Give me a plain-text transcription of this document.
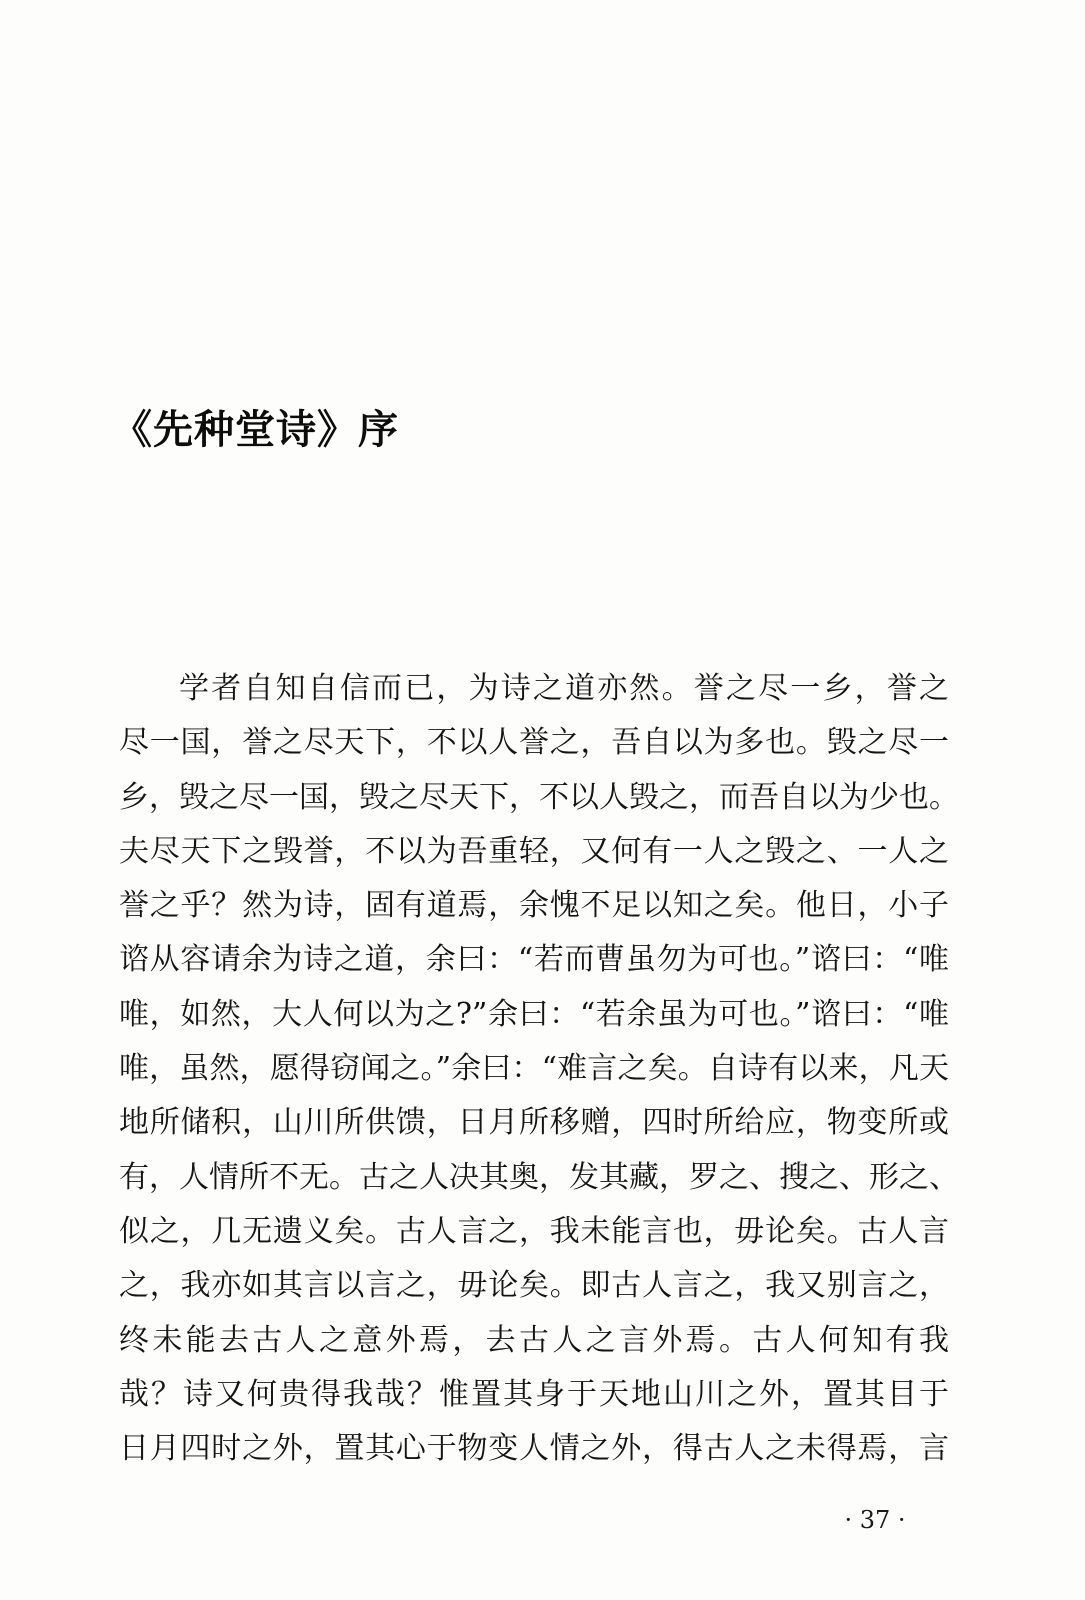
《先种堂诗》序
学者自知自信而已，为诗之道亦然。誉之尽一乡，誉之
尽一国，誉之尽天下，不以人誉之，吾自以为多也。毁之尽一
乡，毁之尽一国，毁之尽天下，不以人毁之，而吾自以为少也。
夫尽天下之毁誉，不以为吾重轻，又何有一人之毁之、一人之
誉之乎？然为诗，固有道焉，余愧不足以知之矣。他日，小子
谘从容请余为诗之道，余曰：“若而曹虽勿为可也。”谘曰：“唯
唯，如然，大人何以为之?”余曰：“若余虽为可也。”谘曰：“唯
唯，虽然，愿得窃闻之。”余曰：“难言之矣。自诗有以来，凡天
地所储积，山川所供馈，日月所移赠，四时所给应，物变所或
有，人情所不无。古之人决其奥，发其藏，罗之、搜之、形之、
似之，几无遗义矣。古人言之，我未能言也，毋论矣。古人言
之，我亦如其言以言之，毋论矣。即古人言之，我又别言之，
终未能去古人之意外焉，去古人之言外焉。古人何知有我
哉？诗又何贵得我哉？惟置其身于天地山川之外，置其目于
日月四时之外，置其心于物变人情之外，得古人之未得焉，言
· 37 ·
